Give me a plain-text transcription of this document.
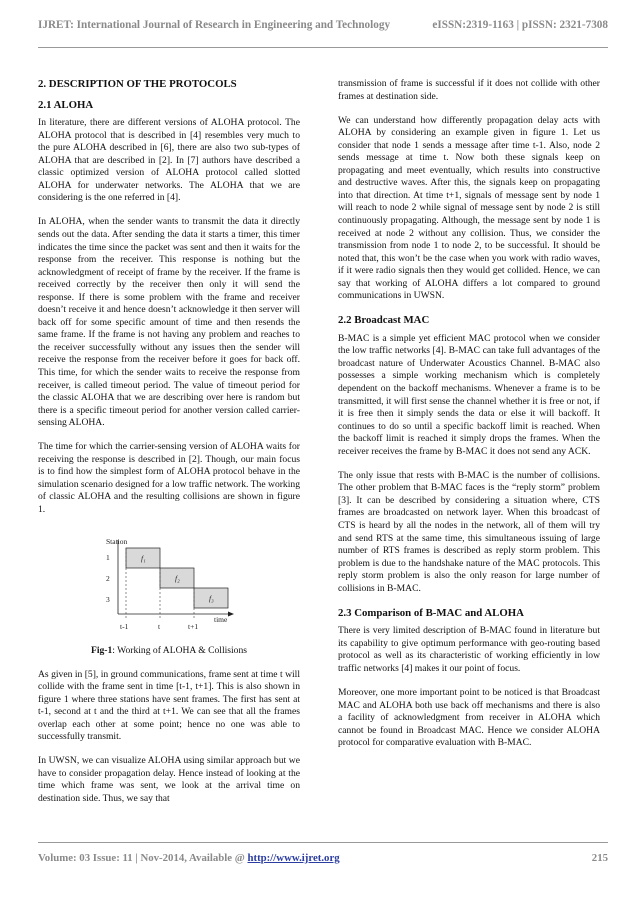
IJRET: International Journal of Research in Engineering and Technology	eISSN:2319-1163 | pISSN: 2321-7308
2. DESCRIPTION OF THE PROTOCOLS
2.1 ALOHA

In literature, there are different versions of ALOHA protocol. The ALOHA protocol that is described in [4] resembles very much to the pure ALOHA described in [6], there are also two sub-types of ALOHA that are described in [2]. In [7] authors have described a classic optimized version of ALOHA protocol called slotted ALOHA for underwater networks. The ALOHA that we are considering is the one referred in [4].

In ALOHA, when the sender wants to transmit the data it directly sends out the data. After sending the data it starts a timer, this timer indicates the time since the packet was sent and then it waits for the response from the receiver. This response is nothing but the acknowledgment of receipt of frame by the receiver. If the frame is received correctly by the receiver then only it will send the response. If there is some problem with the frame and receiver doesn’t receive it and hence doesn’t acknowledge it then server will back off for some specific amount of time and then resends the same frame. If the frame is not having any problem and reaches to the receiver successfully without any issues then the sender will receive the response from the receiver before it goes for back off. This time, for which the sender waits to receive the response from receiver, is called timeout period. The value of timeout period for the classic ALOHA that we are describing over here is random but there is a specific timeout period for another version called carrier-sensing ALOHA.

The time for which the carrier-sensing version of ALOHA waits for receiving the response is described in [2]. Though, our main focus is to find how the simplest form of ALOHA protocol behave in the simulation scenario designed for a low traffic network. The working of classic ALOHA and the resulting collisions are shown in figure 1.

Station
1
2
3
f₁
f₂
f₃
time
t-1	t	t+1

Fig-1: Working of ALOHA & Collisions

As given in [5], in ground communications, frame sent at time t will collide with the frame sent in time [t-1, t+1]. This is also shown in figure 1 where three stations have sent frames. The first has sent at t-1, second at t and the third at t+1. We can see that all the frames overlap each other at some point; hence no one was able to successfully transmit.

In UWSN, we can visualize ALOHA using similar approach but we have to consider propagation delay. Hence instead of looking at the time which frame was sent, we look at the arrival time on destination side. Thus, we say that

transmission of frame is successful if it does not collide with other frames at destination side.

We can understand how differently propagation delay acts with ALOHA by considering an example given in figure 1. Let us consider that node 1 sends a message after time t-1. Also, node 2 sends message at time t. Now both these signals keep on propagating and meet eventually, which results into constructive and destructive waves. After this, the signals keep on propagating into that direction. At time t+1, signals of message sent by node 1 will reach to node 2 while signal of message sent by node 2 is still continuously propagating. Although, the message sent by node 1 is received at node 2 without any collision. Thus, we consider the transmission from node 1 to node 2, to be successful. It should be noted that, this won’t be the case when you work with radio waves, if it were radio signals then they would get collided. Hence, we can say that working of ALOHA differs a lot compared to ground communications in UWSN.

2.2 Broadcast MAC

B-MAC is a simple yet efficient MAC protocol when we consider the low traffic networks [4]. B-MAC can take full advantages of the broadcast nature of Underwater Acoustics Channel. B-MAC also possesses a simple working mechanism which is completely dependent on the backoff mechanisms. Whenever a frame is to be transmitted, it will first sense the channel whether it is free or not, if it is free then it simply sends the data or else it will backoff. It continues to do so until a specific backoff limit is reached. When the backoff limit is reached it simply drops the frames. When the receiver receives the frame by B-MAC it does not send any ACK.

The only issue that rests with B-MAC is the number of collisions. The other problem that B-MAC faces is the “reply storm” problem [3]. It can be described by considering a situation where, CTS frames are broadcasted on network layer. When this broadcast of CTS is heard by all the nodes in the network, all of them will try and send RTS at the same time, this simultaneous issuing of large number of RTS frames is described as reply storm problem. This problem is due to the handshake nature of the MAC protocols. This reply storm problem is also the only reason for large number of collisions in B-MAC.

2.3 Comparison of B-MAC and ALOHA

There is very limited description of B-MAC found in literature but its capability to give optimum performance with geo-routing based protocol as well as its characteristic of working efficiently in low traffic networks [4] makes it our point of focus.

Moreover, one more important point to be noticed is that Broadcast MAC and ALOHA both use back off mechanisms and there is also a facility of acknowledgment from receiver in ALOHA which cannot be found in Broadcast MAC. Hence we consider ALOHA protocol for comparative evaluation with B-MAC.

Volume: 03 Issue: 11 | Nov-2014, Available @ http://www.ijret.org	215
